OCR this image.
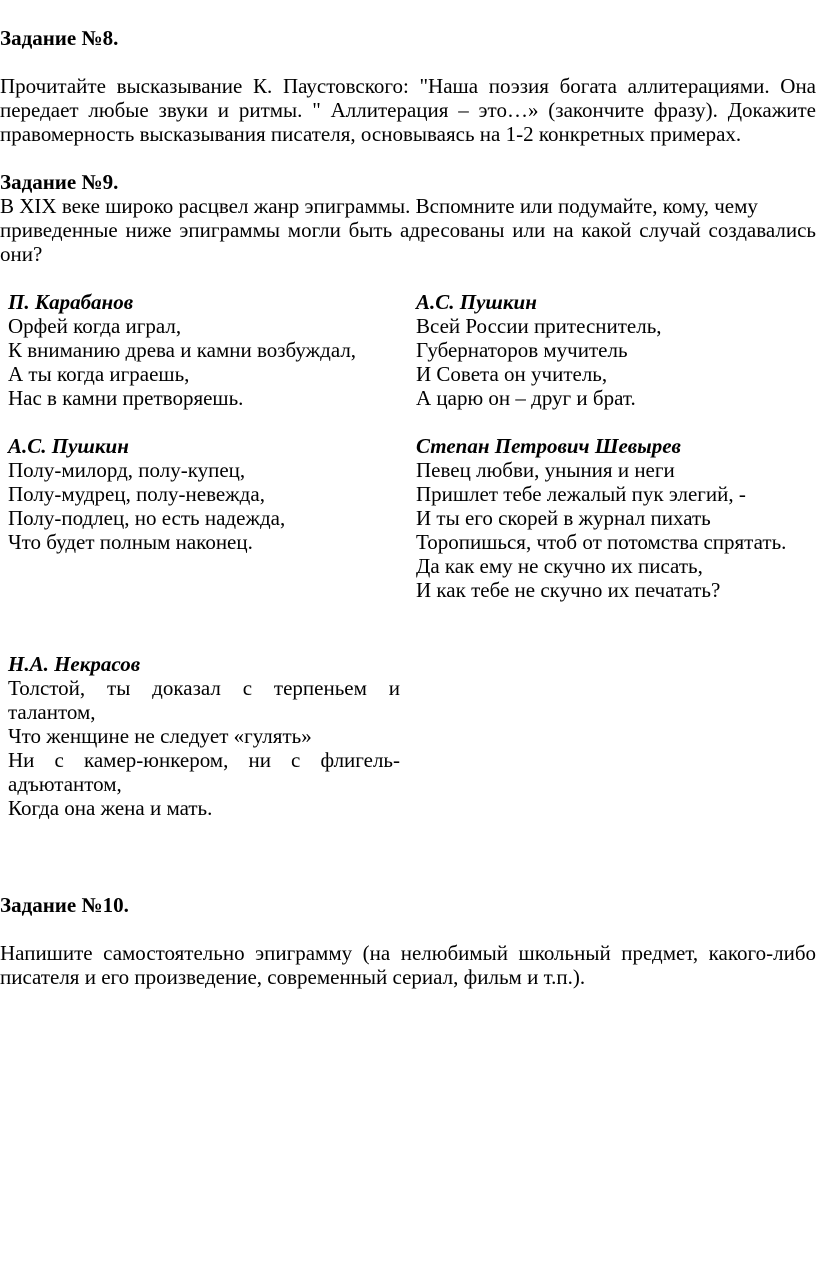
Задание №8.
Прочитайте высказывание К. Паустовского: "Наша поэзия богата аллитерациями. Она
передает любые звуки и ритмы. " Аллитерация – это…» (закончите фразу). Докажите
правомерность высказывания писателя, основываясь на 1-2 конкретных примерах.
Задание №9.
В XIX веке широко расцвел жанр эпиграммы. Вспомните или подумайте, кому, чему
приведенные ниже эпиграммы могли быть адресованы или на какой случай создавались
они?
П. Карабанов
Орфей когда играл,
К вниманию древа и камни возбуждал,
А ты когда играешь,
Нас в камни претворяешь.
А.С. Пушкин
Всей России притеснитель,
Губернаторов мучитель
И Совета он учитель,
А царю он – друг и брат.
А.С. Пушкин
Полу-милорд, полу-купец,
Полу-мудрец, полу-невежда,
Полу-подлец, но есть надежда,
Что будет полным наконец.
Степан Петрович Шевырев
Певец любви, уныния и неги
Пришлет тебе лежалый пук элегий, -
И ты его скорей в журнал пихать
Торопишься, чтоб от потомства спрятать.
Да как ему не скучно их писать,
И как тебе не скучно их печатать?
Н.А. Некрасов
Толстой, ты доказал с терпеньем и
талантом,
Что женщине не следует «гулять»
Ни с камер-юнкером, ни с флигель-
адъютантом,
Когда она жена и мать.
Задание №10.
Напишите самостоятельно эпиграмму (на нелюбимый школьный предмет, какого-либо
писателя и его произведение, современный сериал, фильм и т.п.).
